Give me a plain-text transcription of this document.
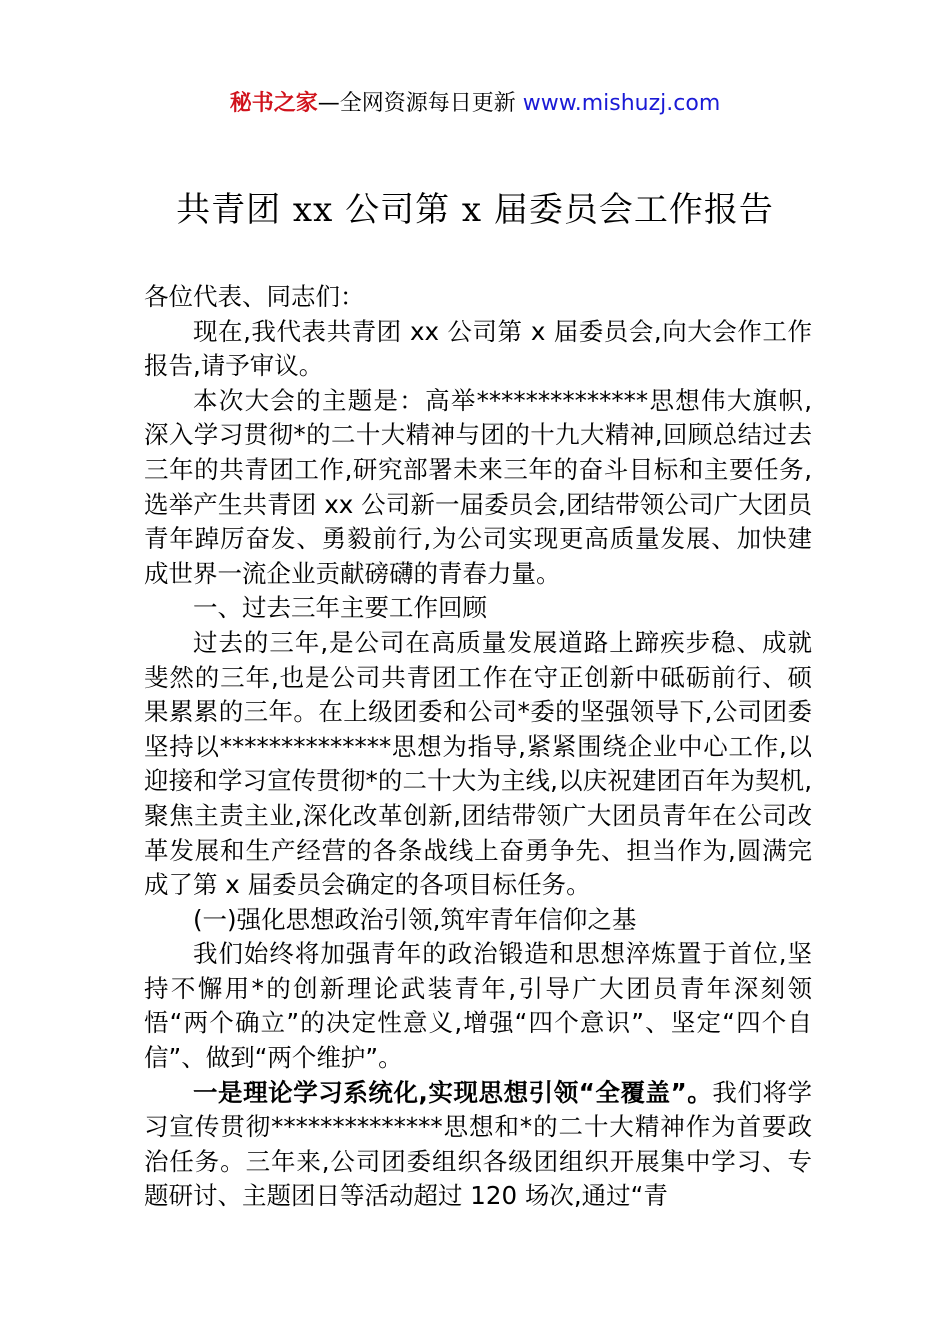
秘书之家—全网资源每日更新 www.mishuzj.com
共青团 xx 公司第 x 届委员会工作报告

各位代表、同志们：

现在,我代表共青团 xx 公司第 x 届委员会,向大会作工作报告,请予审议。

本次大会的主题是：高举**************思想伟大旗帜,深入学习贯彻*的二十大精神与团的十九大精神,回顾总结过去三年的共青团工作,研究部署未来三年的奋斗目标和主要任务,选举产生共青团 xx 公司新一届委员会,团结带领公司广大团员青年踔厉奋发、勇毅前行,为公司实现更高质量发展、加快建成世界一流企业贡献磅礴的青春力量。

一、过去三年主要工作回顾

过去的三年,是公司在高质量发展道路上蹄疾步稳、成就斐然的三年,也是公司共青团工作在守正创新中砥砺前行、硕果累累的三年。在上级团委和公司*委的坚强领导下,公司团委坚持以**************思想为指导,紧紧围绕企业中心工作,以迎接和学习宣传贯彻*的二十大为主线,以庆祝建团百年为契机,聚焦主责主业,深化改革创新,团结带领广大团员青年在公司改革发展和生产经营的各条战线上奋勇争先、担当作为,圆满完成了第 x 届委员会确定的各项目标任务。

(一)强化思想政治引领,筑牢青年信仰之基

我们始终将加强青年的政治锻造和思想淬炼置于首位,坚持不懈用*的创新理论武装青年,引导广大团员青年深刻领悟“两个确立”的决定性意义,增强“四个意识”、坚定“四个自信”、做到“两个维护”。

一是理论学习系统化,实现思想引领“全覆盖”。我们将学习宣传贯彻**************思想和*的二十大精神作为首要政治任务。三年来,公司团委组织各级团组织开展集中学习、专题研讨、主题团日等活动超过 120 场次,通过“青
